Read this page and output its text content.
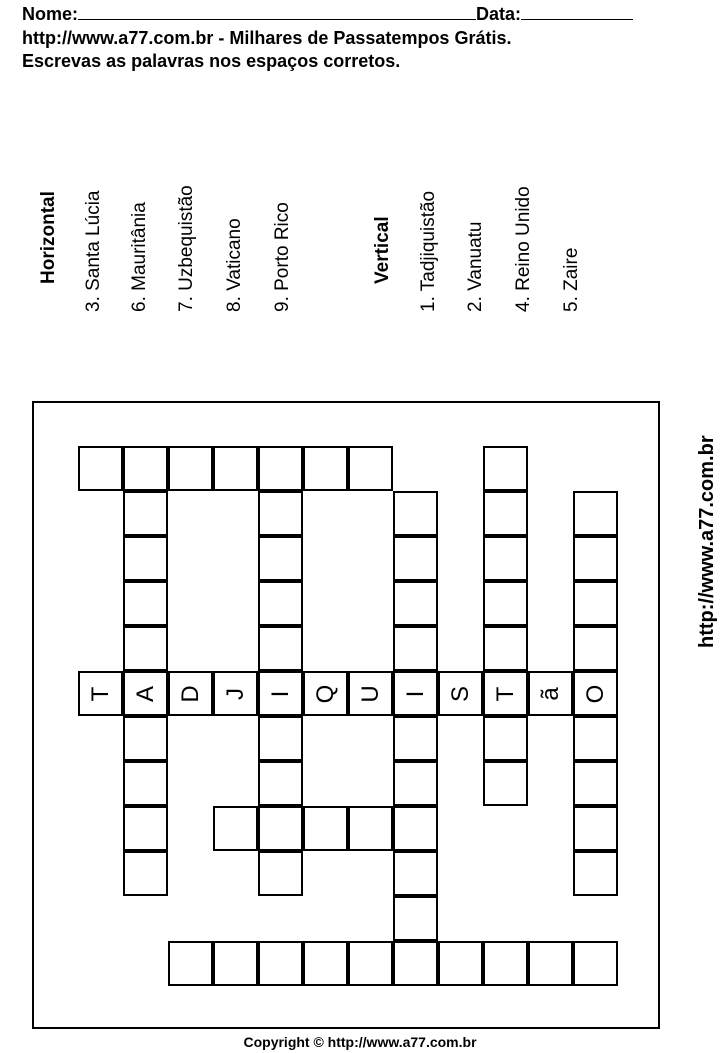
Nome:	Data:
http://www.a77.com.br - Milhares de Passatempos Grátis.
Escrevas as palavras nos espaços corretos.
Horizontal 3. Santa Lúcia 6. Mauritânia 7. Uzbequistão 8. Vaticano 9. Porto Rico	Vertical 1. Tadjiquistão 2. Vanuatu 4. Reino Unido 5. Zaire
T A D J I Q U I S T ã O
http://www.a77.com.br
Copyright © http://www.a77.com.br
